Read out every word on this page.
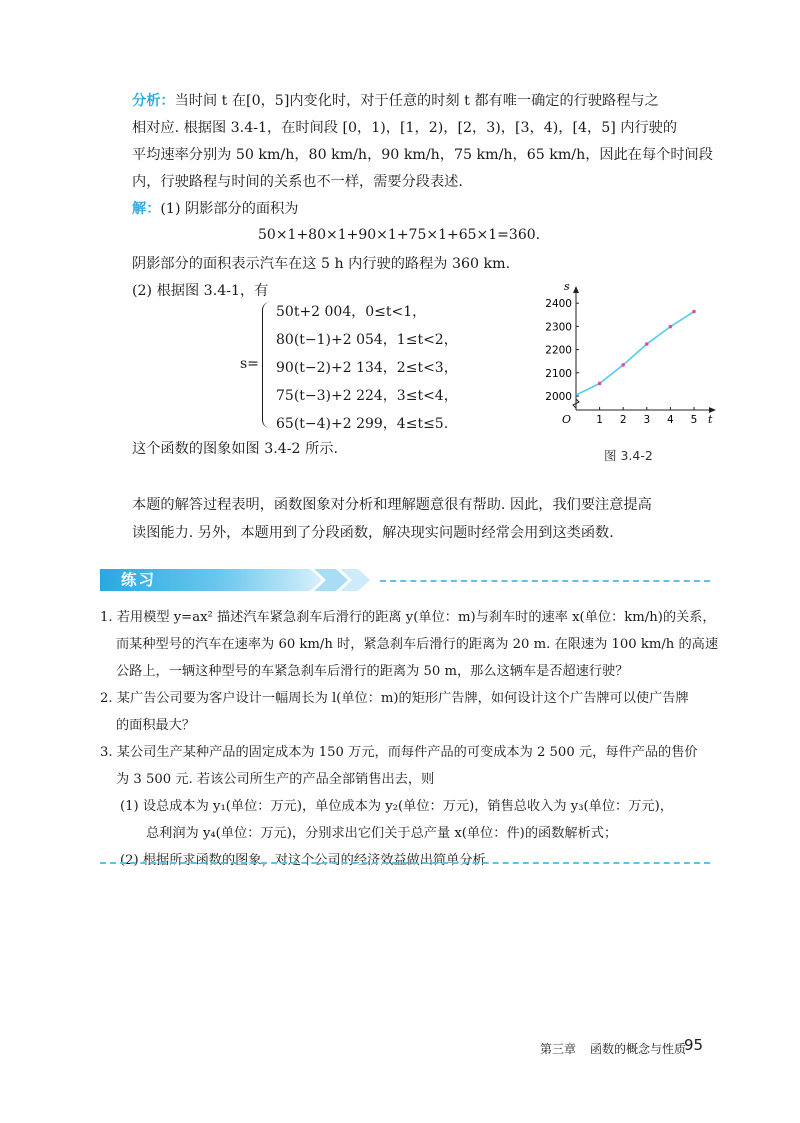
分析：当时间 t 在[0，5]内变化时，对于任意的时刻 t 都有唯一确定的行驶路程与之
相对应. 根据图 3.4-1，在时间段 [0，1)，[1，2)，[2，3)，[3，4)，[4，5] 内行驶的
平均速率分别为 50 km/h，80 km/h，90 km/h，75 km/h，65 km/h，因此在每个时间段
内，行驶路程与时间的关系也不一样，需要分段表述.
解：(1) 阴影部分的面积为
50×1+80×1+90×1+75×1+65×1=360.
阴影部分的面积表示汽车在这 5 h 内行驶的路程为 360 km.
(2) 根据图 3.4-1，有
s=
50t+2 004，0≤t<1，
80(t−1)+2 054，1≤t<2，
90(t−2)+2 134，2≤t<3，
75(t−3)+2 224，3≤t<4，
65(t−4)+2 299，4≤t≤5.
这个函数的图象如图 3.4-2 所示.
s
t
O
2000
2100
2200
2300
2400
1 2 3 4 5
图 3.4-2
本题的解答过程表明，函数图象对分析和理解题意很有帮助. 因此，我们要注意提高
读图能力. 另外，本题用到了分段函数，解决现实问题时经常会用到这类函数.
练习
1. 若用模型 y=ax² 描述汽车紧急刹车后滑行的距离 y(单位：m)与刹车时的速率 x(单位：km/h)的关系，
而某种型号的汽车在速率为 60 km/h 时，紧急刹车后滑行的距离为 20 m. 在限速为 100 km/h 的高速
公路上，一辆这种型号的车紧急刹车后滑行的距离为 50 m，那么这辆车是否超速行驶？
2. 某广告公司要为客户设计一幅周长为 l(单位：m)的矩形广告牌，如何设计这个广告牌可以使广告牌
的面积最大？
3. 某公司生产某种产品的固定成本为 150 万元，而每件产品的可变成本为 2 500 元，每件产品的售价
为 3 500 元. 若该公司所生产的产品全部销售出去，则
(1) 设总成本为 y₁(单位：万元)，单位成本为 y₂(单位：万元)，销售总收入为 y₃(单位：万元)，
总利润为 y₄(单位：万元)，分别求出它们关于总产量 x(单位：件)的函数解析式；
(2) 根据所求函数的图象，对这个公司的经济效益做出简单分析.
第三章 函数的概念与性质
95
